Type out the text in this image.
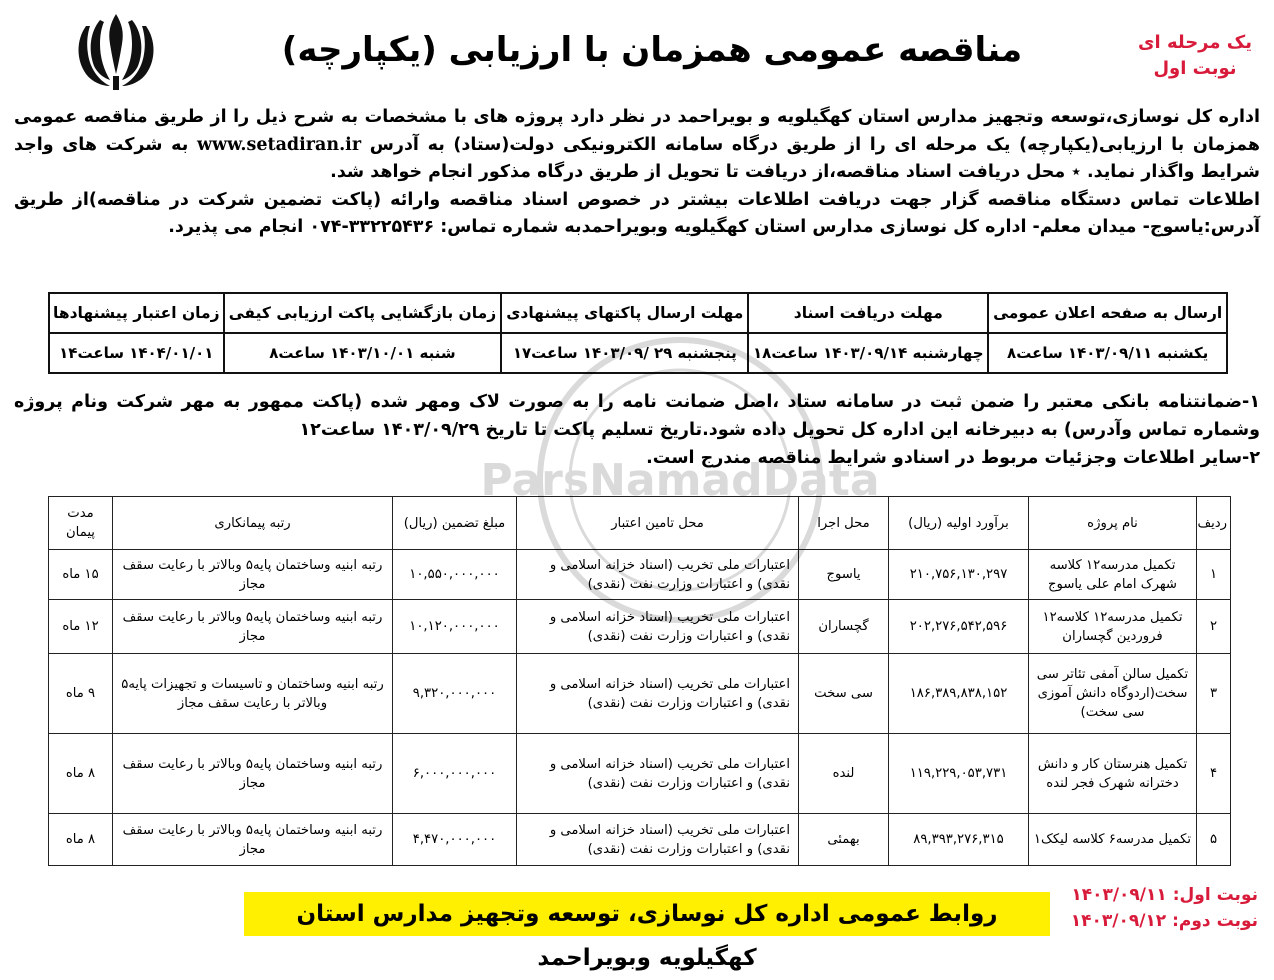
یک مرحله ای
نوبت اول
مناقصه عمومی همزمان با ارزیابی (یکپارچه)

اداره کل نوسازی،توسعه وتجهیز مدارس استان کهگیلویه و بویراحمد در نظر دارد پروژه های با مشخصات به شرح ذیل را از طریق مناقصه عمومی همزمان با ارزیابی(یکپارچه) یک مرحله ای را از طریق درگاه سامانه الکترونیکی دولت(ستاد) به آدرس www.setadiran.ir به شرکت های واجد شرایط واگذار نماید. ٭ محل دریافت اسناد مناقصه،از دریافت تا تحویل از طریق درگاه مذکور انجام خواهد شد.

اطلاعات تماس دستگاه مناقصه گزار جهت دریافت اطلاعات بیشتر در خصوص اسناد مناقصه وارائه (پاکت تضمین شرکت در مناقصه)از طریق آدرس:یاسوج- میدان معلم- اداره کل نوسازی مدارس استان کهگیلویه وبویراحمدبه شماره تماس: ۳۳۲۲۵۴۳۶-۰۷۴ انجام می پذیرد.

ارسال به صفحه اعلان عمومی	مهلت دریافت اسناد	مهلت ارسال پاکتهای پیشنهادی	زمان بازگشایی پاکت ارزیابی کیفی	زمان اعتبار پیشنهادها
یکشنبه ۱۴۰۳/۰۹/۱۱ ساعت۸	چهارشنبه ۱۴۰۳/۰۹/۱۴ ساعت۱۸	پنجشنبه ۲۹ /۱۴۰۳/۰۹ ساعت۱۷	شنبه ۱۴۰۳/۱۰/۰۱ ساعت۸	۱۴۰۴/۰۱/۰۱ ساعت۱۴

۱-ضمانتنامه بانکی معتبر را ضمن ثبت در سامانه ستاد ،اصل ضمانت نامه را به صورت لاک ومهر شده (پاکت ممهور به مهر شرکت ونام پروژه وشماره تماس وآدرس) به دبیرخانه این اداره کل تحویل داده شود.تاریخ تسلیم پاکت تا تاریخ ۱۴۰۳/۰۹/۲۹ ساعت۱۲

۲-سایر اطلاعات وجزئیات مربوط در اسنادو شرایط مناقصه مندرج است.

ردیف	نام پروژه	برآورد اولیه (ریال)	محل اجرا	محل تامین اعتبار	مبلغ تضمین (ریال)	رتبه پیمانکاری	مدت پیمان
۱	تکمیل مدرسه۱۲ کلاسه شهرک امام علی یاسوج	۲۱۰,۷۵۶,۱۳۰,۲۹۷	یاسوج	اعتبارات ملی تخریب (اسناد خزانه اسلامی و نقدی) و اعتبارات وزارت نفت (نقدی)	۱۰,۵۵۰,۰۰۰,۰۰۰	رتبه ابنیه وساختمان پایه۵ وبالاتر با رعایت سقف مجاز	۱۵ ماه
۲	تکمیل مدرسه۱۲ کلاسه۱۲ فروردین گچساران	۲۰۲,۲۷۶,۵۴۲,۵۹۶	گچساران	اعتبارات ملی تخریب (اسناد خزانه اسلامی و نقدی) و اعتبارات وزارت نفت (نقدی)	۱۰,۱۲۰,۰۰۰,۰۰۰	رتبه ابنیه وساختمان پایه۵ وبالاتر با رعایت سقف مجاز	۱۲ ماه
۳	تکمیل سالن آمفی تئاتر سی سخت(اردوگاه دانش آموزی سی سخت)	۱۸۶,۳۸۹,۸۳۸,۱۵۲	سی سخت	اعتبارات ملی تخریب (اسناد خزانه اسلامی و نقدی) و اعتبارات وزارت نفت (نقدی)	۹,۳۲۰,۰۰۰,۰۰۰	رتبه ابنیه وساختمان و تاسیسات و تجهیزات پایه۵ وبالاتر با رعایت سقف مجاز	۹ ماه
۴	تکمیل هنرستان کار و دانش دخترانه شهرک فجر لنده	۱۱۹,۲۲۹,۰۵۳,۷۳۱	لنده	اعتبارات ملی تخریب (اسناد خزانه اسلامی و نقدی) و اعتبارات وزارت نفت (نقدی)	۶,۰۰۰,۰۰۰,۰۰۰	رتبه ابنیه وساختمان پایه۵ وبالاتر با رعایت سقف مجاز	۸ ماه
۵	تکمیل مدرسه۶ کلاسه لیکک۱	۸۹,۳۹۳,۲۷۶,۳۱۵	بهمئی	اعتبارات ملی تخریب (اسناد خزانه اسلامی و نقدی) و اعتبارات وزارت نفت (نقدی)	۴,۴۷۰,۰۰۰,۰۰۰	رتبه ابنیه وساختمان پایه۵ وبالاتر با رعایت سقف مجاز	۸ ماه
ParsNamadData
روابط عمومی اداره کل نوسازی، توسعه وتجهیز مدارس استان کهگیلویه وبویراحمد
نوبت اول: ۱۴۰۳/۰۹/۱۱
نوبت دوم: ۱۴۰۳/۰۹/۱۲
